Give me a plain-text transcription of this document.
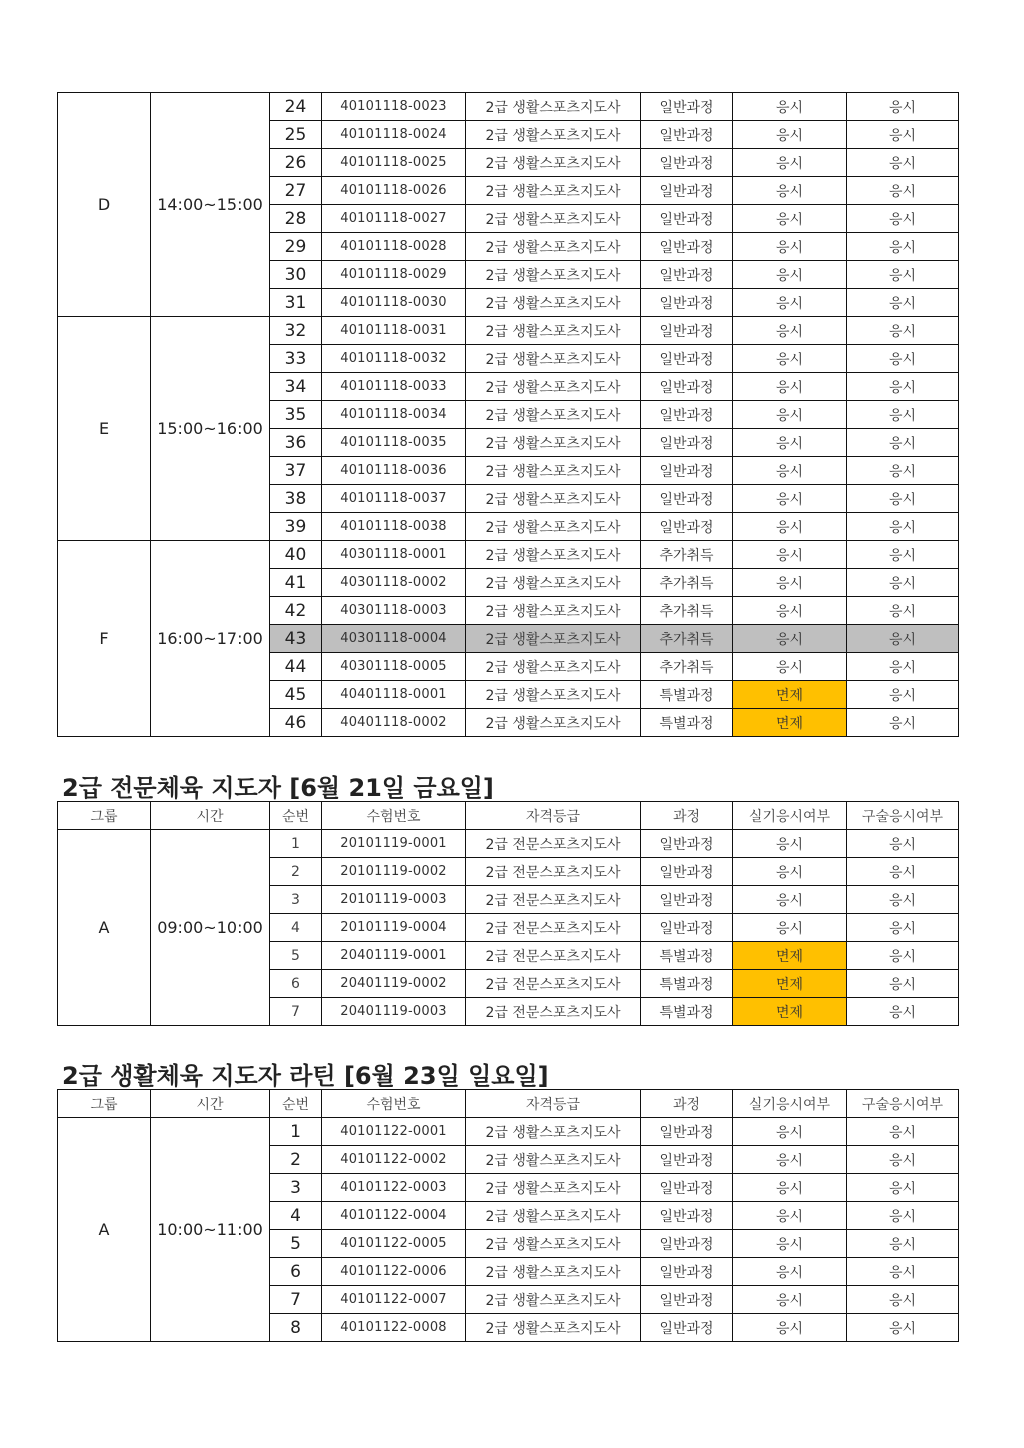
D	14:00~15:00	24	40101118-0023	2급 생활스포츠지도사	일반과정	응시	응시
		25	40101118-0024	2급 생활스포츠지도사	일반과정	응시	응시
		26	40101118-0025	2급 생활스포츠지도사	일반과정	응시	응시
		27	40101118-0026	2급 생활스포츠지도사	일반과정	응시	응시
		28	40101118-0027	2급 생활스포츠지도사	일반과정	응시	응시
		29	40101118-0028	2급 생활스포츠지도사	일반과정	응시	응시
		30	40101118-0029	2급 생활스포츠지도사	일반과정	응시	응시
		31	40101118-0030	2급 생활스포츠지도사	일반과정	응시	응시
E	15:00~16:00	32	40101118-0031	2급 생활스포츠지도사	일반과정	응시	응시
		33	40101118-0032	2급 생활스포츠지도사	일반과정	응시	응시
		34	40101118-0033	2급 생활스포츠지도사	일반과정	응시	응시
		35	40101118-0034	2급 생활스포츠지도사	일반과정	응시	응시
		36	40101118-0035	2급 생활스포츠지도사	일반과정	응시	응시
		37	40101118-0036	2급 생활스포츠지도사	일반과정	응시	응시
		38	40101118-0037	2급 생활스포츠지도사	일반과정	응시	응시
		39	40101118-0038	2급 생활스포츠지도사	일반과정	응시	응시
F	16:00~17:00	40	40301118-0001	2급 생활스포츠지도사	추가취득	응시	응시
		41	40301118-0002	2급 생활스포츠지도사	추가취득	응시	응시
		42	40301118-0003	2급 생활스포츠지도사	추가취득	응시	응시
		43	40301118-0004	2급 생활스포츠지도사	추가취득	응시	응시
		44	40301118-0005	2급 생활스포츠지도사	추가취득	응시	응시
		45	40401118-0001	2급 생활스포츠지도사	특별과정	면제	응시
		46	40401118-0002	2급 생활스포츠지도사	특별과정	면제	응시
2급 전문체육 지도자 [6월 21일 금요일]
그룹	시간	순번	수험번호	자격등급	과정	실기응시여부	구술응시여부
A	09:00~10:00	1	20101119-0001	2급 전문스포츠지도사	일반과정	응시	응시
		2	20101119-0002	2급 전문스포츠지도사	일반과정	응시	응시
		3	20101119-0003	2급 전문스포츠지도사	일반과정	응시	응시
		4	20101119-0004	2급 전문스포츠지도사	일반과정	응시	응시
		5	20401119-0001	2급 전문스포츠지도사	특별과정	면제	응시
		6	20401119-0002	2급 전문스포츠지도사	특별과정	면제	응시
		7	20401119-0003	2급 전문스포츠지도사	특별과정	면제	응시
2급 생활체육 지도자 라틴 [6월 23일 일요일]
그룹	시간	순번	수험번호	자격등급	과정	실기응시여부	구술응시여부
A	10:00~11:00	1	40101122-0001	2급 생활스포츠지도사	일반과정	응시	응시
		2	40101122-0002	2급 생활스포츠지도사	일반과정	응시	응시
		3	40101122-0003	2급 생활스포츠지도사	일반과정	응시	응시
		4	40101122-0004	2급 생활스포츠지도사	일반과정	응시	응시
		5	40101122-0005	2급 생활스포츠지도사	일반과정	응시	응시
		6	40101122-0006	2급 생활스포츠지도사	일반과정	응시	응시
		7	40101122-0007	2급 생활스포츠지도사	일반과정	응시	응시
		8	40101122-0008	2급 생활스포츠지도사	일반과정	응시	응시
